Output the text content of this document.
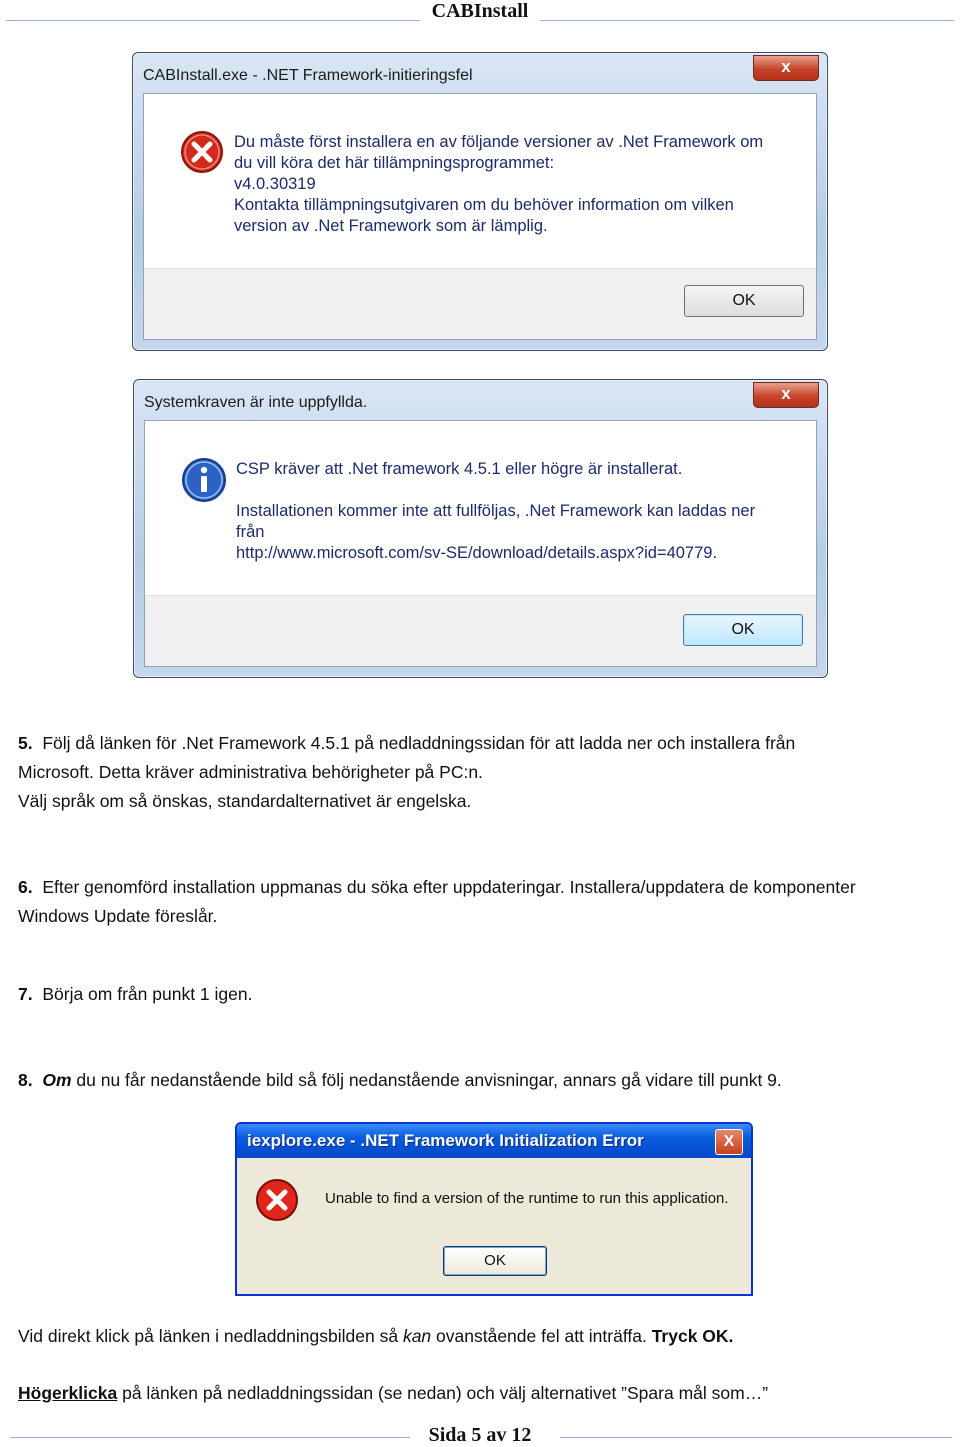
CABInstall
CABInstall.exe - .NET Framework-initieringsfel	x
Du måste först installera en av följande versioner av .Net Framework om
du vill köra det här tillämpningsprogrammet:
v4.0.30319
Kontakta tillämpningsutgivaren om du behöver information om vilken
version av .Net Framework som är lämplig.
OK
Systemkraven är inte uppfyllda.	x
CSP kräver att .Net framework 4.5.1 eller högre är installerat.
Installationen kommer inte att fullföljas, .Net Framework kan laddas ner
från
http://www.microsoft.com/sv-SE/download/details.aspx?id=40779.
OK
5. Följ då länken för .Net Framework 4.5.1 på nedladdningssidan för att ladda ner och installera från
Microsoft. Detta kräver administrativa behörigheter på PC:n.
Välj språk om så önskas, standardalternativet är engelska.
6. Efter genomförd installation uppmanas du söka efter uppdateringar. Installera/uppdatera de komponenter
Windows Update föreslår.
7. Börja om från punkt 1 igen.
8. Om du nu får nedanstående bild så följ nedanstående anvisningar, annars gå vidare till punkt 9.
iexplore.exe - .NET Framework Initialization Error	X
Unable to find a version of the runtime to run this application.
OK
Vid direkt klick på länken i nedladdningsbilden så kan ovanstående fel att inträffa. Tryck OK.
Högerklicka på länken på nedladdningssidan (se nedan) och välj alternativet ”Spara mål som…”
Sida 5 av 12
